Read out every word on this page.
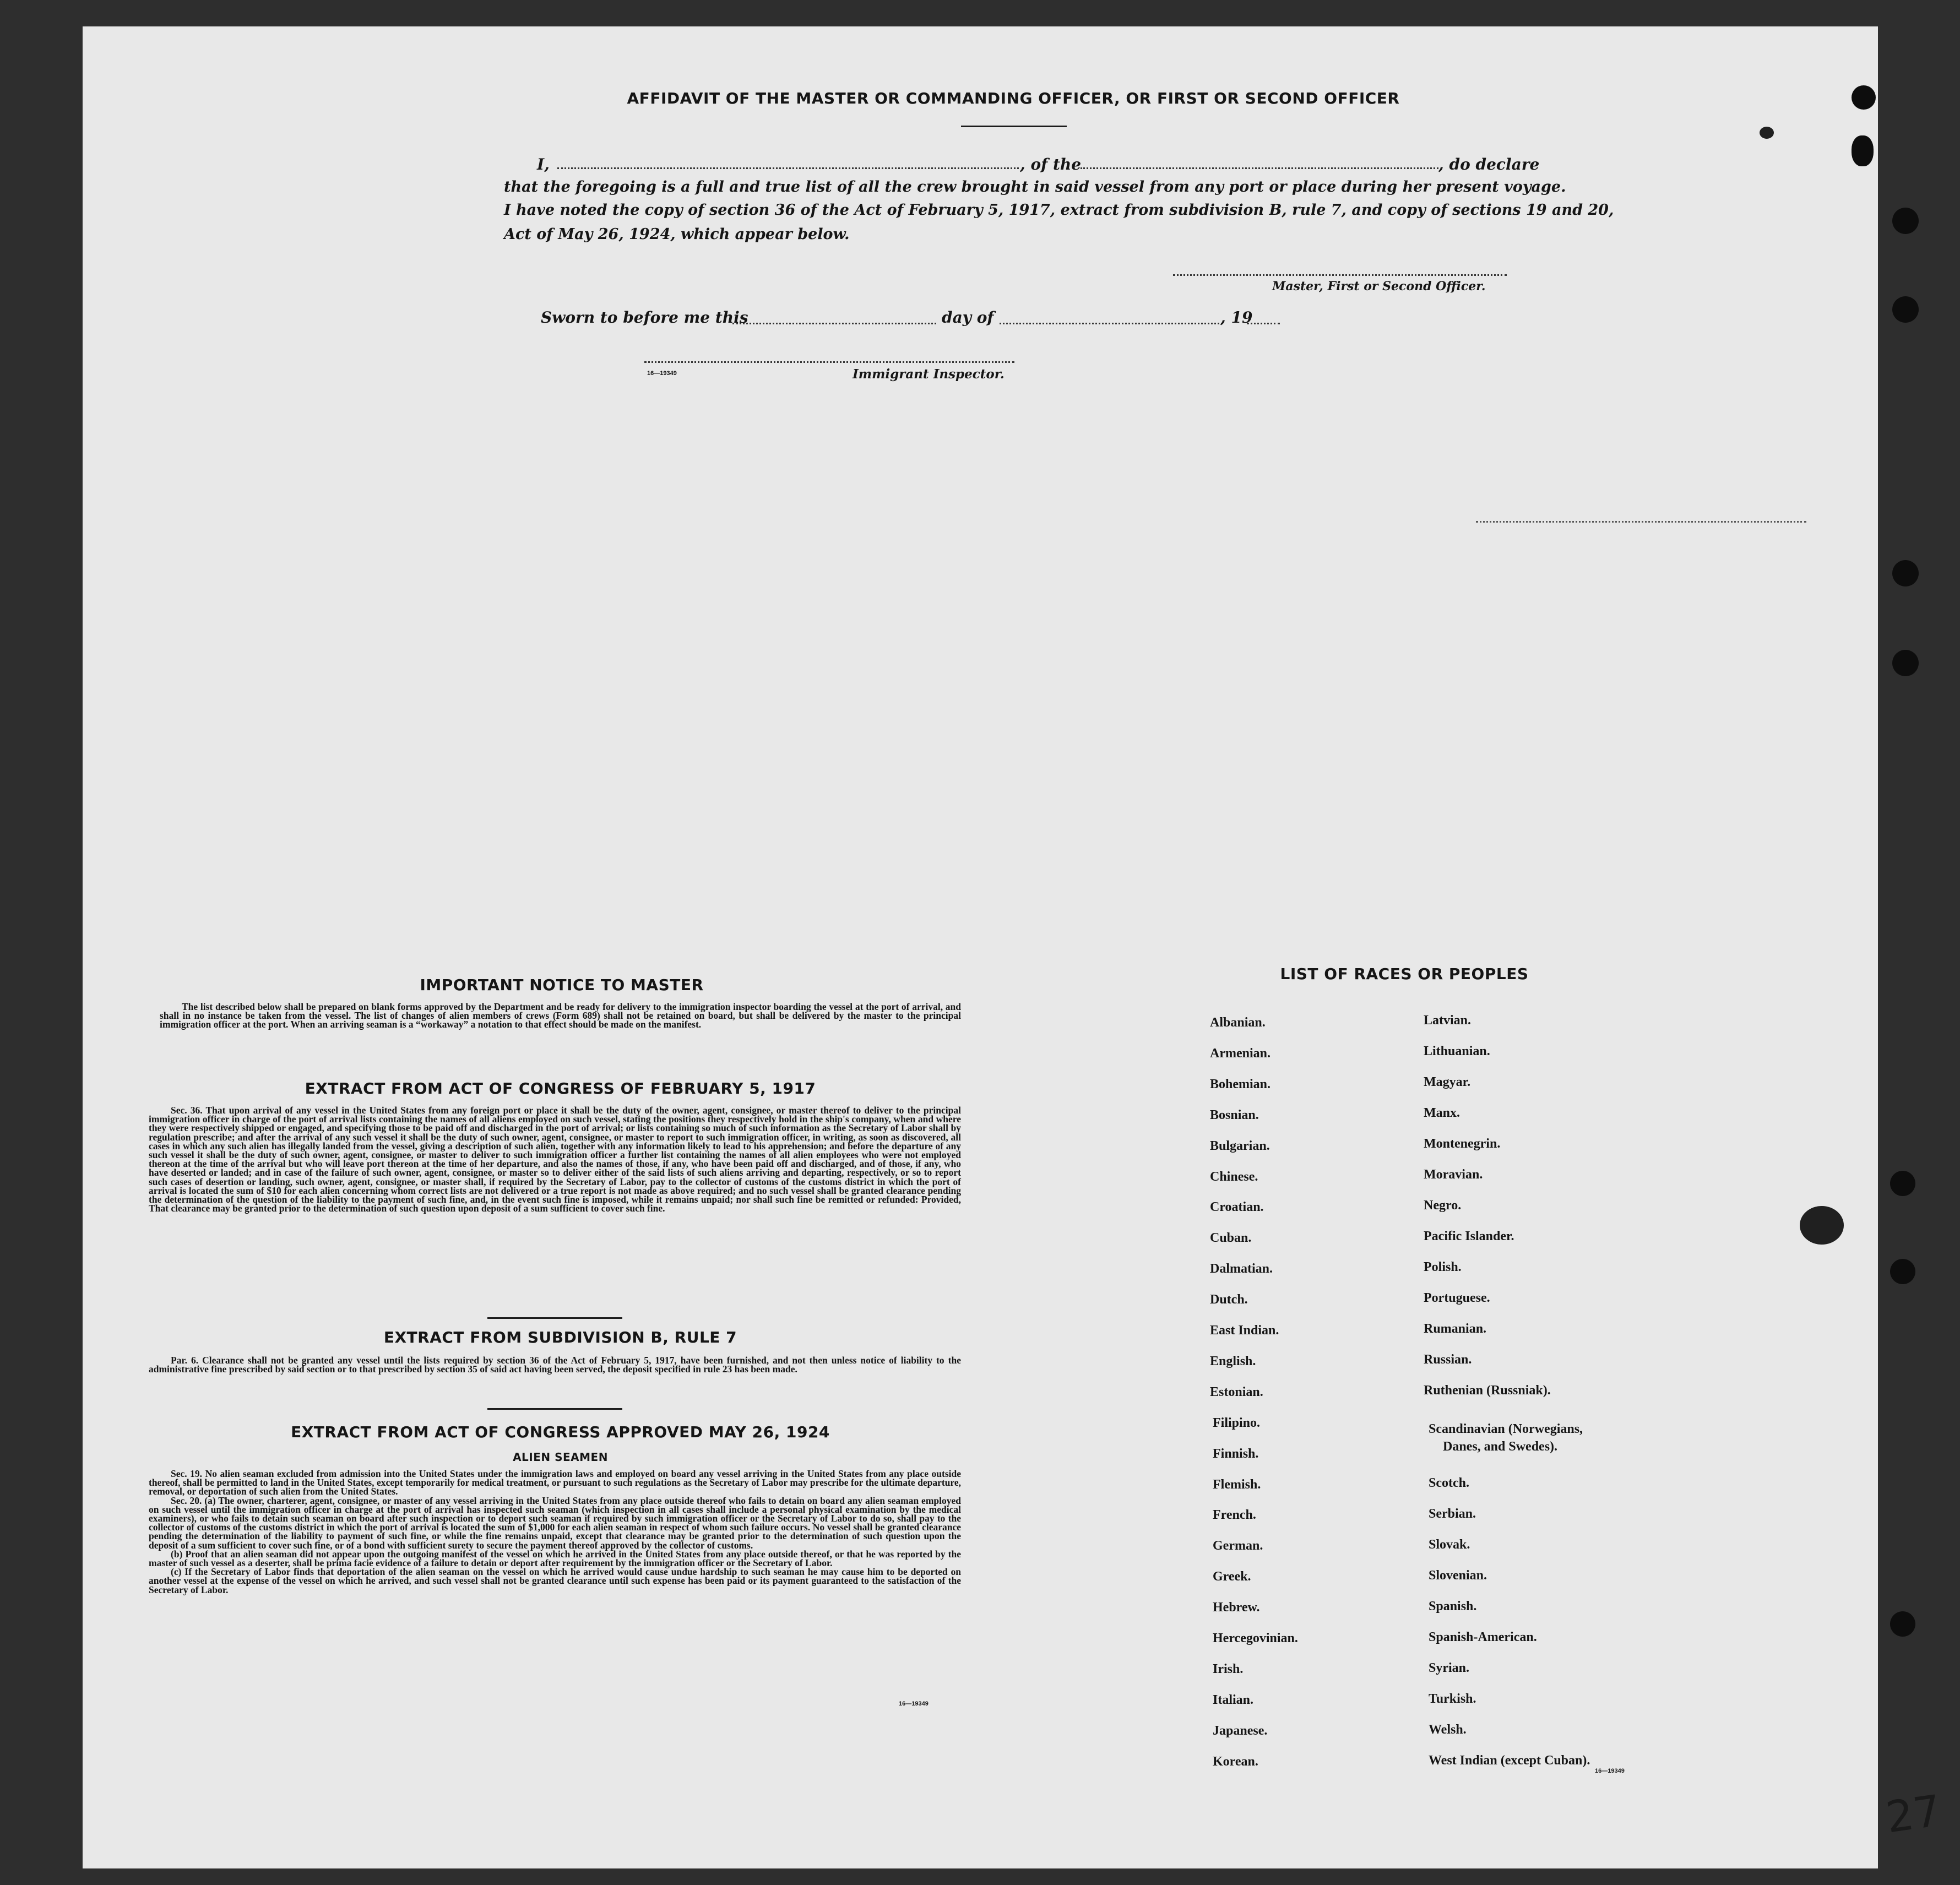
AFFIDAVIT OF THE MASTER OR COMMANDING OFFICER, OR FIRST OR SECOND OFFICER
I,	, of the	, do declare
that the foregoing is a full and true list of all the crew brought in said vessel from any port or place during her present voyage.
I have noted the copy of section 36 of the Act of February 5, 1917, extract from subdivision B, rule 7, and copy of sections 19 and 20,
Act of May 26, 1924, which appear below.
Master, First or Second Officer.
Sworn to before me this	day of	, 19
16—19349	Immigrant Inspector.
IMPORTANT NOTICE TO MASTER

The list described below shall be prepared on blank forms approved by the Department and be ready for delivery to the immigration inspector boarding the vessel at the port of arrival, and shall in no instance be taken from the vessel. The list of changes of alien members of crews (Form 689) shall not be retained on board, but shall be delivered by the master to the principal immigration officer at the port. When an arriving seaman is a “workaway” a notation to that effect should be made on the manifest.

EXTRACT FROM ACT OF CONGRESS OF FEBRUARY 5, 1917

Sec. 36. That upon arrival of any vessel in the United States from any foreign port or place it shall be the duty of the owner, agent, consignee, or master thereof to deliver to the principal immigration officer in charge of the port of arrival lists containing the names of all aliens employed on such vessel, stating the positions they respectively hold in the ship's company, when and where they were respectively shipped or engaged, and specifying those to be paid off and discharged in the port of arrival; or lists containing so much of such information as the Secretary of Labor shall by regulation prescribe; and after the arrival of any such vessel it shall be the duty of such owner, agent, consignee, or master to report to such immigration officer, in writing, as soon as discovered, all cases in which any such alien has illegally landed from the vessel, giving a description of such alien, together with any information likely to lead to his apprehension; and before the departure of any such vessel it shall be the duty of such owner, agent, consignee, or master to deliver to such immigration officer a further list containing the names of all alien employees who were not employed thereon at the time of the arrival but who will leave port thereon at the time of her departure, and also the names of those, if any, who have been paid off and discharged, and of those, if any, who have deserted or landed; and in case of the failure of such owner, agent, consignee, or master so to deliver either of the said lists of such aliens arriving and departing, respectively, or so to report such cases of desertion or landing, such owner, agent, consignee, or master shall, if required by the Secretary of Labor, pay to the collector of customs of the customs district in which the port of arrival is located the sum of $10 for each alien concerning whom correct lists are not delivered or a true report is not made as above required; and no such vessel shall be granted clearance pending the determination of the question of the liability to the payment of such fine, and, in the event such fine is imposed, while it remains unpaid; nor shall such fine be remitted or refunded: Provided, That clearance may be granted prior to the determination of such question upon deposit of a sum sufficient to cover such fine.

EXTRACT FROM SUBDIVISION B, RULE 7

Par. 6. Clearance shall not be granted any vessel until the lists required by section 36 of the Act of February 5, 1917, have been furnished, and not then unless notice of liability to the administrative fine prescribed by said section or to that prescribed by section 35 of said act having been served, the deposit specified in rule 23 has been made.

EXTRACT FROM ACT OF CONGRESS APPROVED MAY 26, 1924
ALIEN SEAMEN

Sec. 19. No alien seaman excluded from admission into the United States under the immigration laws and employed on board any vessel arriving in the United States from any place outside thereof, shall be permitted to land in the United States, except temporarily for medical treatment, or pursuant to such regulations as the Secretary of Labor may prescribe for the ultimate departure, removal, or deportation of such alien from the United States.

Sec. 20. (a) The owner, charterer, agent, consignee, or master of any vessel arriving in the United States from any place outside thereof who fails to detain on board any alien seaman employed on such vessel until the immigration officer in charge at the port of arrival has inspected such seaman (which inspection in all cases shall include a personal physical examination by the medical examiners), or who fails to detain such seaman on board after such inspection or to deport such seaman if required by such immigration officer or the Secretary of Labor to do so, shall pay to the collector of customs of the customs district in which the port of arrival is located the sum of $1,000 for each alien seaman in respect of whom such failure occurs. No vessel shall be granted clearance pending the determination of the liability to payment of such fine, or while the fine remains unpaid, except that clearance may be granted prior to the determination of such question upon the deposit of a sum sufficient to cover such fine, or of a bond with sufficient surety to secure the payment thereof approved by the collector of customs.

(b) Proof that an alien seaman did not appear upon the outgoing manifest of the vessel on which he arrived in the United States from any place outside thereof, or that he was reported by the master of such vessel as a deserter, shall be prima facie evidence of a failure to detain or deport after requirement by the immigration officer or the Secretary of Labor.

(c) If the Secretary of Labor finds that deportation of the alien seaman on the vessel on which he arrived would cause undue hardship to such seaman he may cause him to be deported on another vessel at the expense of the vessel on which he arrived, and such vessel shall not be granted clearance until such expense has been paid or its payment guaranteed to the satisfaction of the Secretary of Labor.

16—19349
LIST OF RACES OR PEOPLES
Albanian.
Armenian.
Bohemian.
Bosnian.
Bulgarian.
Chinese.
Croatian.
Cuban.
Dalmatian.
Dutch.
East Indian.
English.
Estonian.
Filipino.
Finnish.
Flemish.
French.
German.
Greek.
Hebrew.
Hercegovinian.
Irish.
Italian.
Japanese.
Korean.
Latvian.
Lithuanian.
Magyar.
Manx.
Montenegrin.
Moravian.
Negro.
Pacific Islander.
Polish.
Portuguese.
Rumanian.
Russian.
Ruthenian (Russniak).
Scandinavian (Norwegians,
Danes, and Swedes).
Scotch.
Serbian.
Slovak.
Slovenian.
Spanish.
Spanish-American.
Syrian.
Turkish.
Welsh.
West Indian (except Cuban).
16—19349
27
